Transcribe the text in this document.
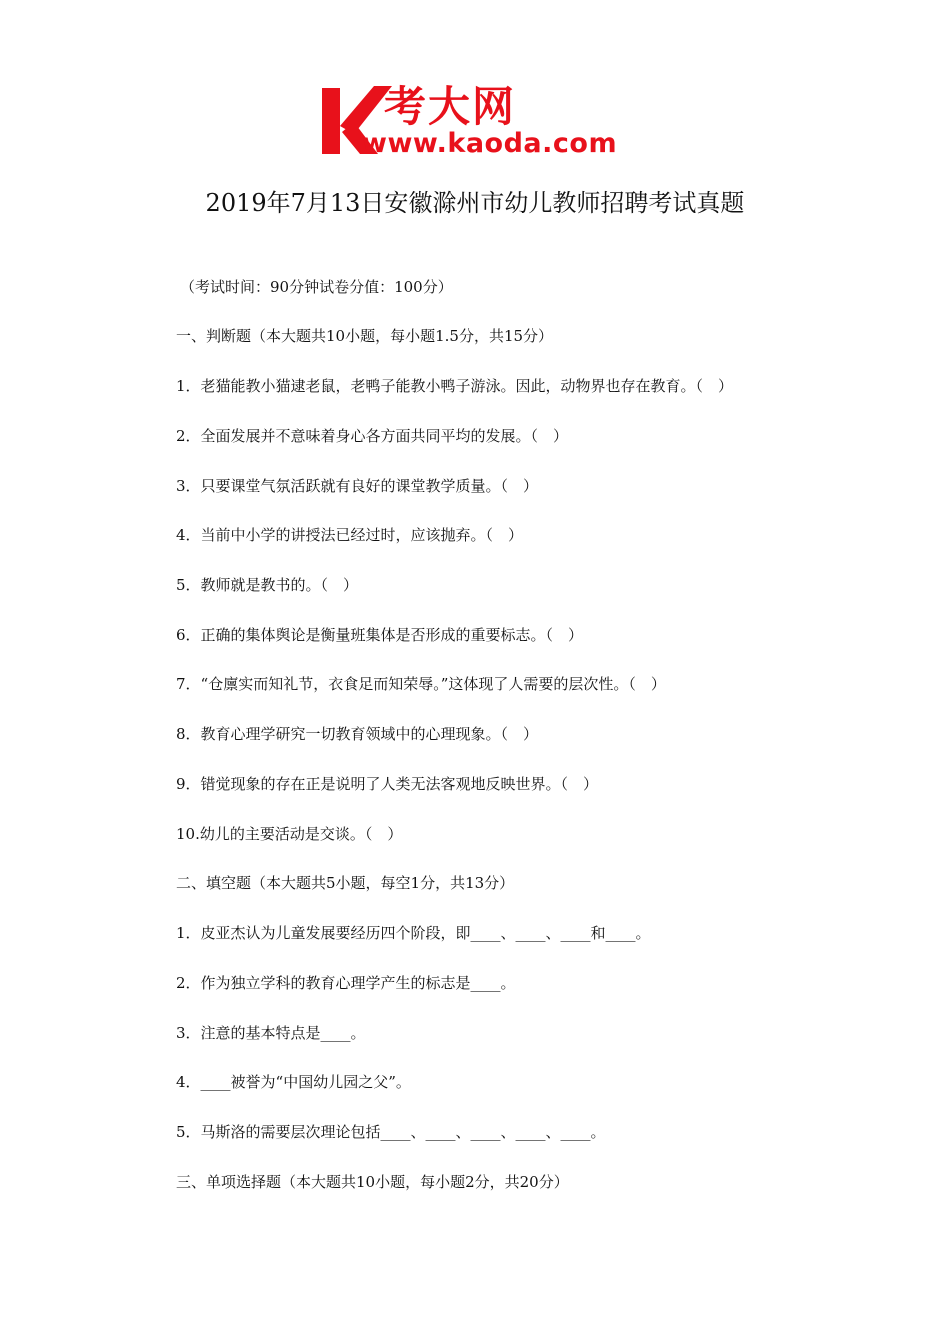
考大网
www.kaoda.com
2019年7月13日安徽滁州市幼儿教师招聘考试真题
（考试时间：90分钟试卷分值：100分）
一、判断题（本大题共10小题，每小题1.5分，共15分）
1．老猫能教小猫逮老鼠，老鸭子能教小鸭子游泳。因此，动物界也存在教育。（　）
2．全面发展并不意味着身心各方面共同平均的发展。（　）
3．只要课堂气氛活跃就有良好的课堂教学质量。（　）
4．当前中小学的讲授法已经过时，应该抛弃。（　）
5．教师就是教书的。（　）
6．正确的集体舆论是衡量班集体是否形成的重要标志。（　）
7．“仓廪实而知礼节，衣食足而知荣辱。”这体现了人需要的层次性。（　）
8．教育心理学研究一切教育领域中的心理现象。（　）
9．错觉现象的存在正是说明了人类无法客观地反映世界。（　）
10.幼儿的主要活动是交谈。（　）
二、填空题（本大题共5小题，每空1分，共13分）
1．皮亚杰认为儿童发展要经历四个阶段，即____、____、____和____。
2．作为独立学科的教育心理学产生的标志是____。
3．注意的基本特点是____。
4．____被誉为“中国幼儿园之父”。
5．马斯洛的需要层次理论包括____、____、____、____、____。
三、单项选择题（本大题共10小题，每小题2分，共20分）
